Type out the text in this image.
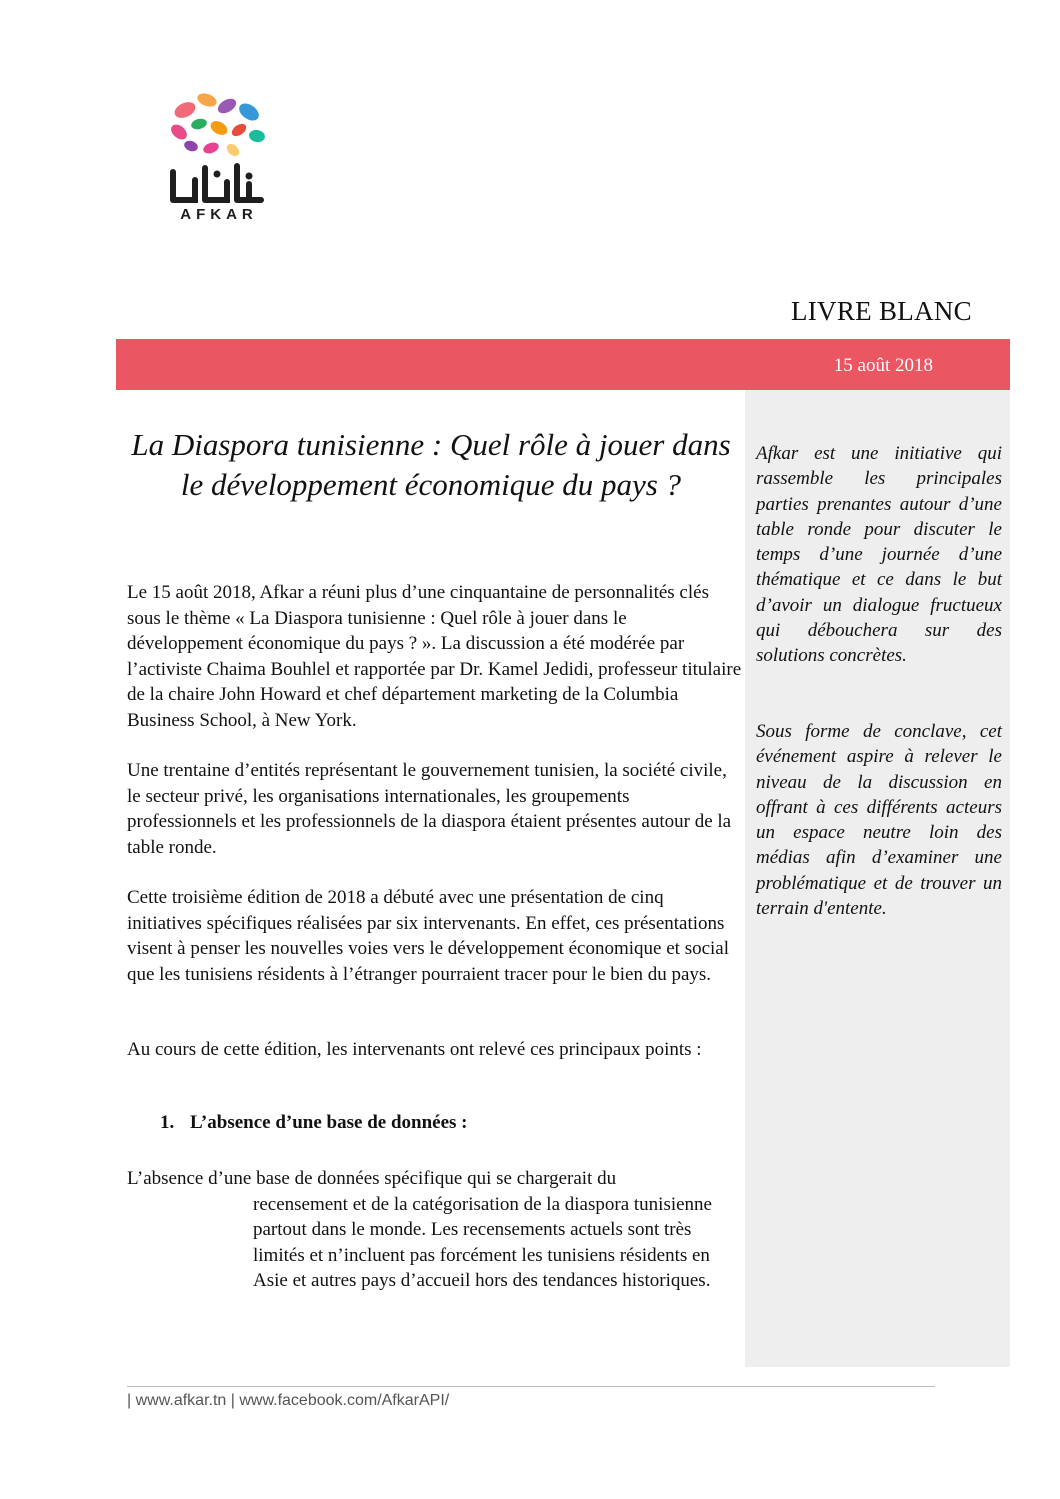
AFKAR
LIVRE BLANC
15 août 2018

Afkar est une initiative qui rassemble les principales parties prenantes autour d’une table ronde pour discuter le temps d’une journée d’une thématique et ce dans le but d’avoir un dialogue fructueux qui débouchera sur des solutions concrètes.

Sous forme de conclave, cet événement aspire à relever le niveau de la discussion en offrant à ces différents acteurs un espace neutre loin des médias afin d’examiner une problématique et de trouver un terrain d'entente.

La Diaspora tunisienne : Quel rôle à jouer dans le développement économique du pays ?

Le 15 août 2018, Afkar a réuni plus d’une cinquantaine de personnalités clés sous le thème « La Diaspora tunisienne : Quel rôle à jouer dans le développement économique du pays ? ». La discussion a été modérée par l’activiste Chaima Bouhlel et rapportée par Dr. Kamel Jedidi, professeur titulaire de la chaire John Howard et chef département marketing de la Columbia Business School, à New York.

Une trentaine d’entités représentant le gouvernement tunisien, la société civile, le secteur privé, les organisations internationales, les groupements professionnels et les professionnels de la diaspora étaient présentes autour de la table ronde.

Cette troisième édition de 2018 a débuté avec une présentation de cinq initiatives spécifiques réalisées par six intervenants. En effet, ces présentations visent à penser les nouvelles voies vers le développement économique et social que les tunisiens résidents à l’étranger pourraient tracer pour le bien du pays.

Au cours de cette édition, les intervenants ont relevé ces principaux points :

1. L’absence d’une base de données :

L’absence d’une base de données spécifique qui se chargerait du
recensement et de la catégorisation de la diaspora tunisienne partout dans le monde. Les recensements actuels sont très limités et n’incluent pas forcément les tunisiens résidents en Asie et autres pays d’accueil hors des tendances historiques.

| www.afkar.tn | www.facebook.com/AfkarAPI/
